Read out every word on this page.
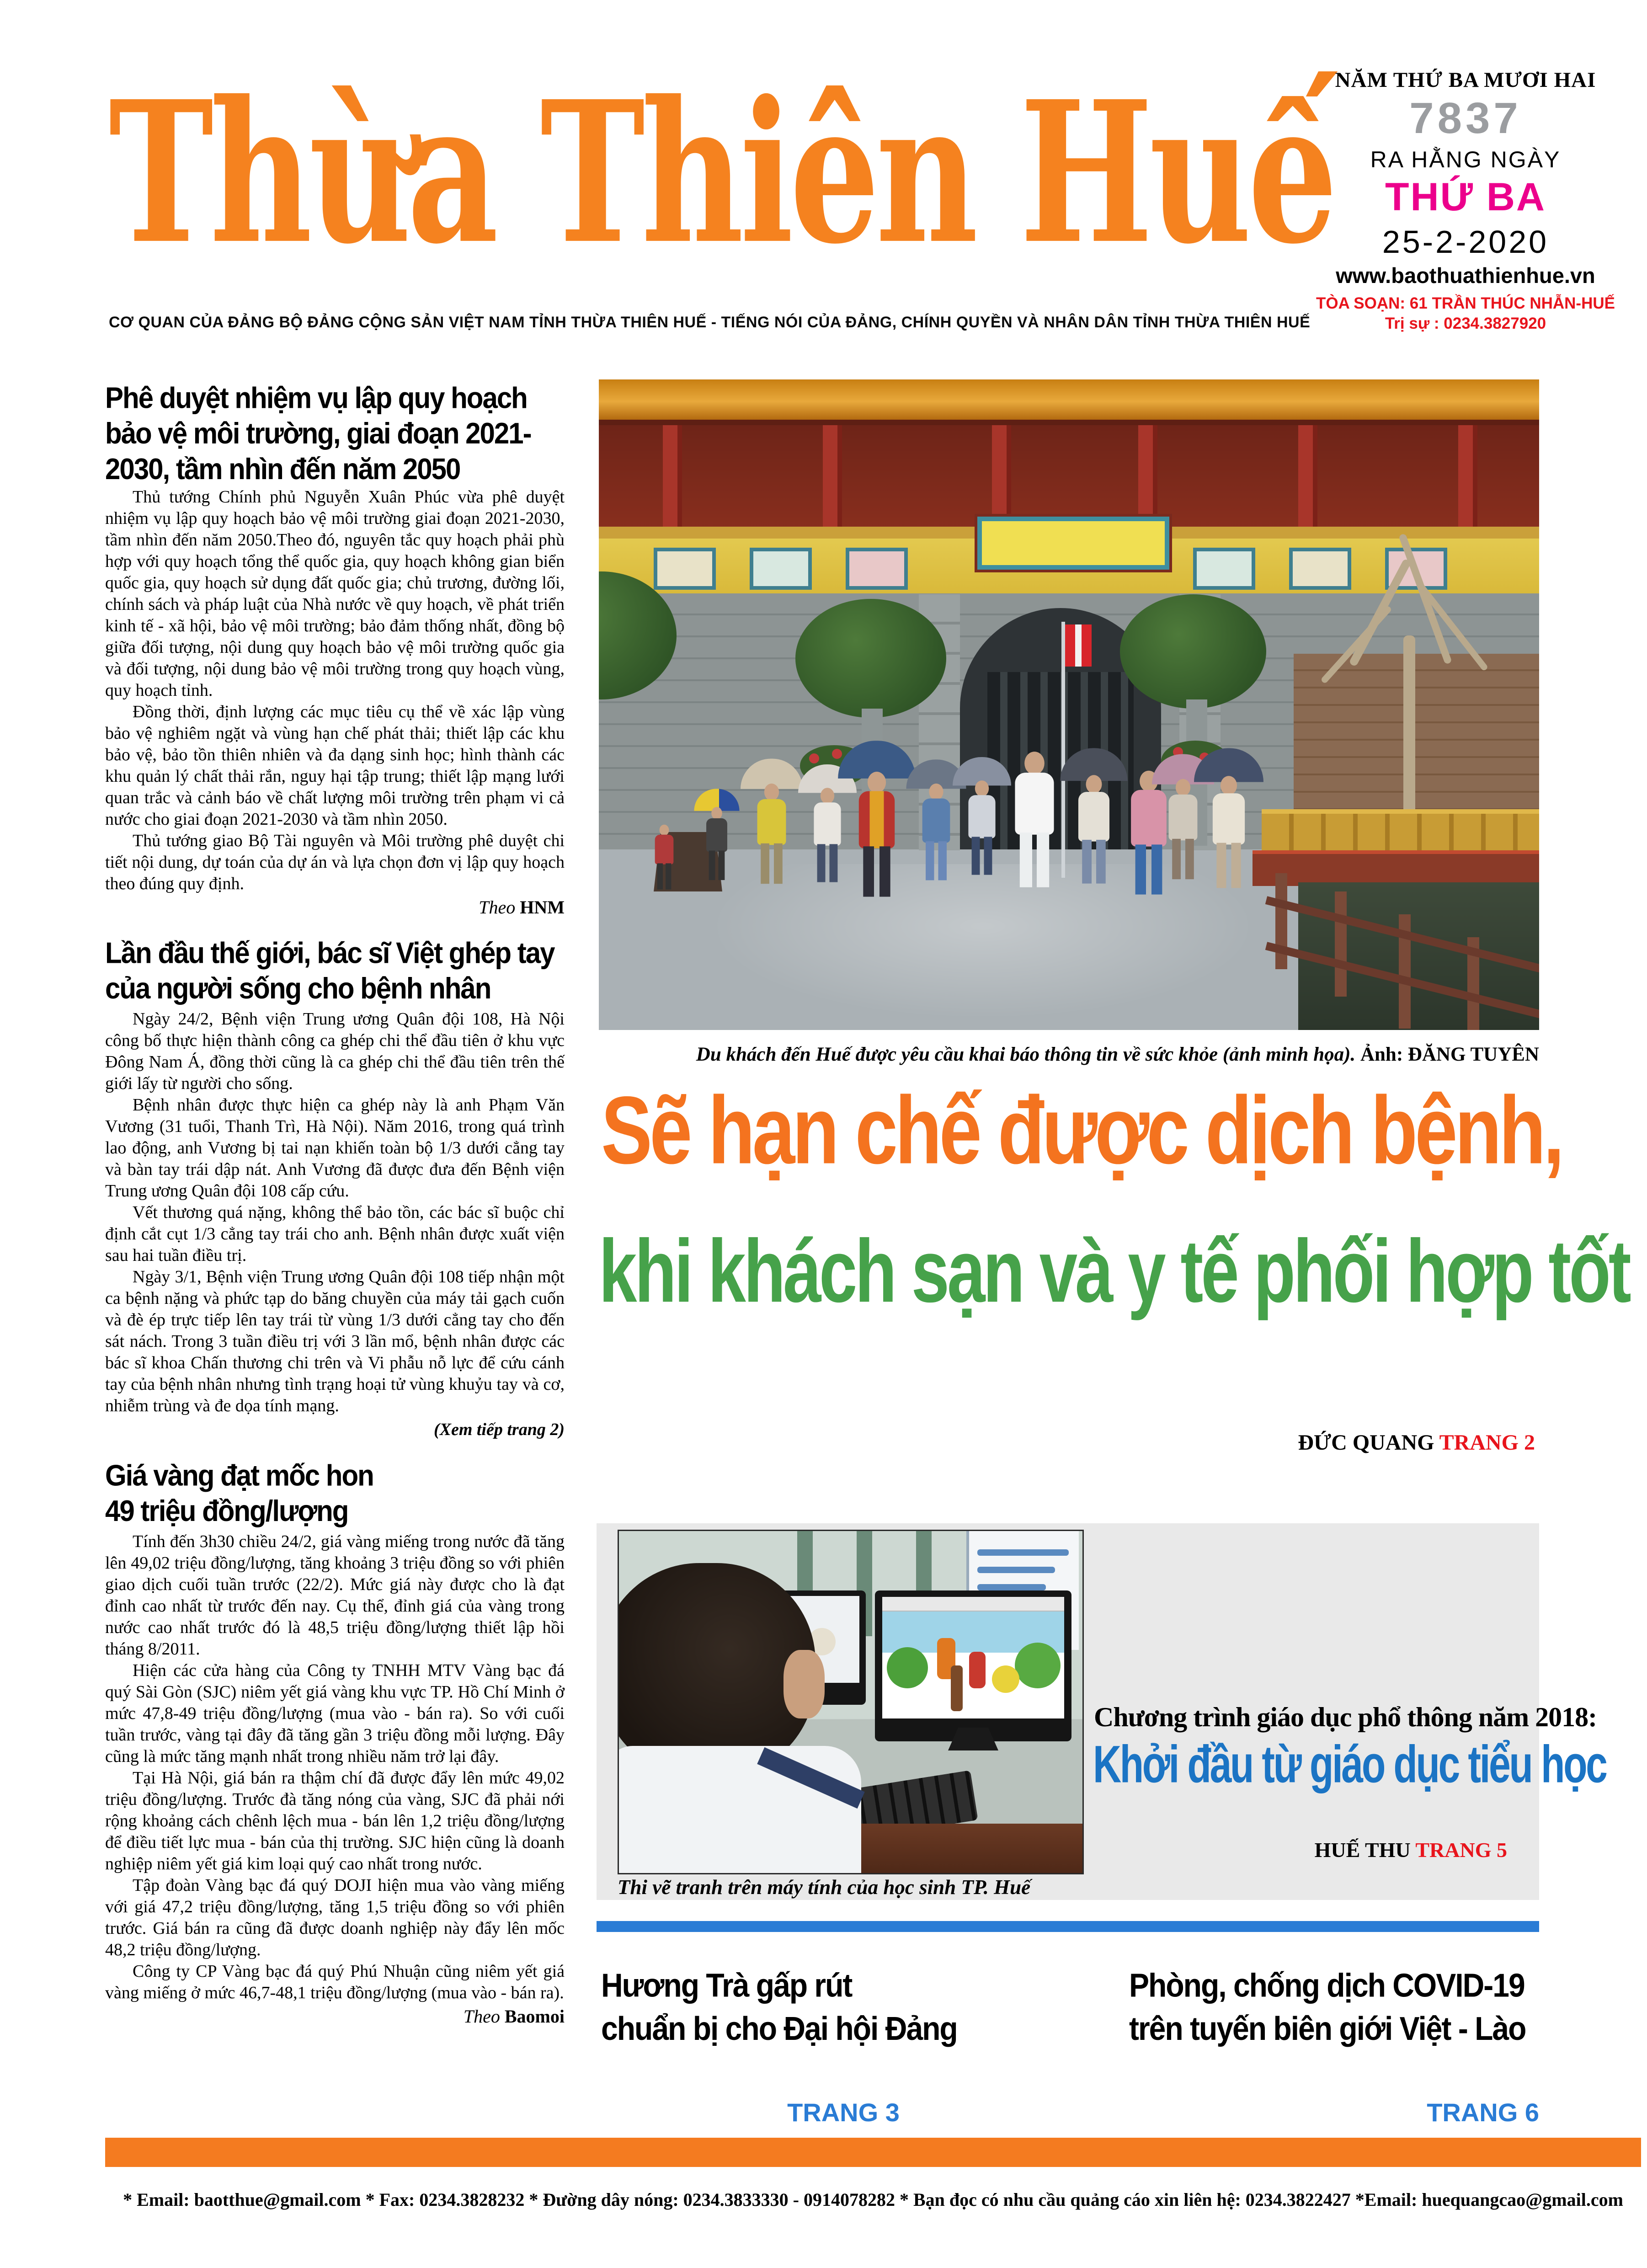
Thừa Thiên Huế
CƠ QUAN CỦA ĐẢNG BỘ ĐẢNG CỘNG SẢN VIỆT NAM TỈNH THỪA THIÊN HUẾ - TIẾNG NÓI CỦA ĐẢNG, CHÍNH QUYỀN VÀ NHÂN DÂN TỈNH THỪA THIÊN HUẾ
NĂM THỨ BA MƯƠI HAI
7837
RA HẰNG NGÀY
THỨ BA
25-2-2020
www.baothuathienhue.vn
TÒA SOẠN: 61 TRẦN THÚC NHẪN-HUẾ
Trị sự : 0234.3827920
Phê duyệt nhiệm vụ lập quy hoạch bảo vệ môi trường, giai đoạn 2021-2030, tầm nhìn đến năm 2050

Thủ tướng Chính phủ Nguyễn Xuân Phúc vừa phê duyệt nhiệm vụ lập quy hoạch bảo vệ môi trường giai đoạn 2021-2030, tầm nhìn đến năm 2050.Theo đó, nguyên tắc quy hoạch phải phù hợp với quy hoạch tổng thể quốc gia, quy hoạch không gian biển quốc gia, quy hoạch sử dụng đất quốc gia; chủ trương, đường lối, chính sách và pháp luật của Nhà nước về quy hoạch, về phát triển kinh tế - xã hội, bảo vệ môi trường; bảo đảm thống nhất, đồng bộ giữa đối tượng, nội dung quy hoạch bảo vệ môi trường quốc gia và đối tượng, nội dung bảo vệ môi trường trong quy hoạch vùng, quy hoạch tỉnh.

Đồng thời, định lượng các mục tiêu cụ thể về xác lập vùng bảo vệ nghiêm ngặt và vùng hạn chế phát thải; thiết lập các khu bảo vệ, bảo tồn thiên nhiên và đa dạng sinh học; hình thành các khu quản lý chất thải rắn, nguy hại tập trung; thiết lập mạng lưới quan trắc và cảnh báo về chất lượng môi trường trên phạm vi cả nước cho giai đoạn 2021-2030 và tầm nhìn 2050.

Thủ tướng giao Bộ Tài nguyên và Môi trường phê duyệt chi tiết nội dung, dự toán của dự án và lựa chọn đơn vị lập quy hoạch theo đúng quy định.

Theo HNM
Lần đầu thế giới, bác sĩ Việt ghép tay của người sống cho bệnh nhân

Ngày 24/2, Bệnh viện Trung ương Quân đội 108, Hà Nội công bố thực hiện thành công ca ghép chi thể đầu tiên ở khu vực Đông Nam Á, đồng thời cũng là ca ghép chi thể đầu tiên trên thế giới lấy từ người cho sống.

Bệnh nhân được thực hiện ca ghép này là anh Phạm Văn Vương (31 tuổi, Thanh Trì, Hà Nội). Năm 2016, trong quá trình lao động, anh Vương bị tai nạn khiến toàn bộ 1/3 dưới cẳng tay và bàn tay trái dập nát. Anh Vương đã được đưa đến Bệnh viện Trung ương Quân đội 108 cấp cứu.

Vết thương quá nặng, không thể bảo tồn, các bác sĩ buộc chỉ định cắt cụt 1/3 cẳng tay trái cho anh. Bệnh nhân được xuất viện sau hai tuần điều trị.

Ngày 3/1, Bệnh viện Trung ương Quân đội 108 tiếp nhận một ca bệnh nặng và phức tạp do băng chuyền của máy tải gạch cuốn và đè ép trực tiếp lên tay trái từ vùng 1/3 dưới cẳng tay cho đến sát nách. Trong 3 tuần điều trị với 3 lần mổ, bệnh nhân được các bác sĩ khoa Chấn thương chi trên và Vi phẫu nỗ lực để cứu cánh tay của bệnh nhân nhưng tình trạng hoại tử vùng khuỷu tay và cơ, nhiễm trùng và đe dọa tính mạng.

(Xem tiếp trang 2)
Giá vàng đạt mốc hon
49 triệu đồng/lượng

Tính đến 3h30 chiều 24/2, giá vàng miếng trong nước đã tăng lên 49,02 triệu đồng/lượng, tăng khoảng 3 triệu đồng so với phiên giao dịch cuối tuần trước (22/2). Mức giá này được cho là đạt đỉnh cao nhất từ trước đến nay. Cụ thể, đỉnh giá của vàng trong nước cao nhất trước đó là 48,5 triệu đồng/lượng thiết lập hồi tháng 8/2011.

Hiện các cửa hàng của Công ty TNHH MTV Vàng bạc đá quý Sài Gòn (SJC) niêm yết giá vàng khu vực TP. Hồ Chí Minh ở mức 47,8-49 triệu đồng/lượng (mua vào - bán ra). So với cuối tuần trước, vàng tại đây đã tăng gần 3 triệu đồng mỗi lượng. Đây cũng là mức tăng mạnh nhất trong nhiều năm trở lại đây.

Tại Hà Nội, giá bán ra thậm chí đã được đẩy lên mức 49,02 triệu đồng/lượng. Trước đà tăng nóng của vàng, SJC đã phải nới rộng khoảng cách chênh lệch mua - bán lên 1,2 triệu đồng/lượng để điều tiết lực mua - bán của thị trường. SJC hiện cũng là doanh nghiệp niêm yết giá kim loại quý cao nhất trong nước.

Tập đoàn Vàng bạc đá quý DOJI hiện mua vào vàng miếng với giá 47,2 triệu đồng/lượng, tăng 1,5 triệu đồng so với phiên trước. Giá bán ra cũng đã được doanh nghiệp này đẩy lên mốc 48,2 triệu đồng/lượng.

Công ty CP Vàng bạc đá quý Phú Nhuận cũng niêm yết giá vàng miếng ở mức 46,7-48,1 triệu đồng/lượng (mua vào - bán ra).

Theo Baomoi
Du khách đến Huế được yêu cầu khai báo thông tin về sức khỏe (ảnh minh họa). Ảnh: ĐĂNG TUYÊN
Sẽ hạn chế được dịch bệnh,
khi khách sạn và y tế phối hợp tốt
ĐỨC QUANG TRANG 2
Thi vẽ tranh trên máy tính của học sinh TP. Huế
Chương trình giáo dục phổ thông năm 2018:
Khởi đầu từ giáo dục tiểu học
HUẾ THU TRANG 5
Hương Trà gấp rút
chuẩn bị cho Đại hội Đảng
TRANG 3
Phòng, chống dịch COVID-19
trên tuyến biên giới Việt - Lào
TRANG 6
* Email: baotthue@gmail.com * Fax: 0234.3828232 * Đường dây nóng: 0234.3833330 - 0914078282 * Bạn đọc có nhu cầu quảng cáo xin liên hệ: 0234.3822427 *Email: huequangcao@gmail.com
